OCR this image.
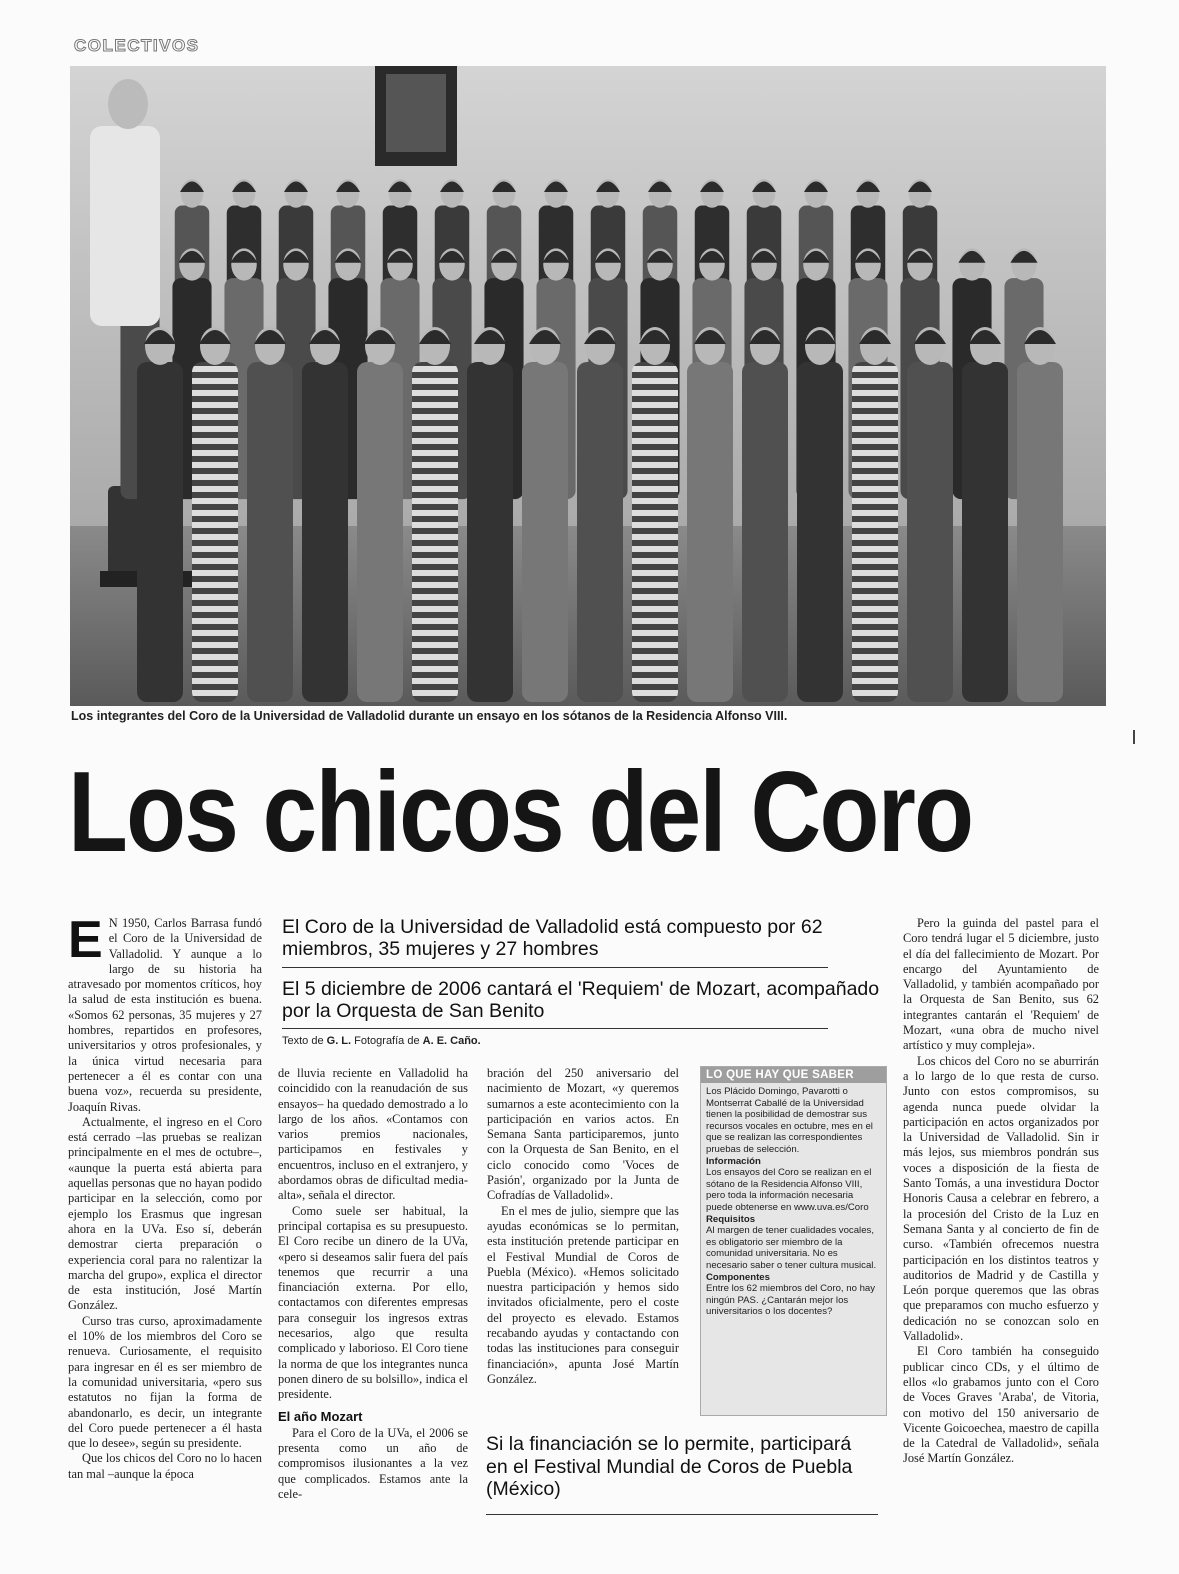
COLECTIVOS
Los integrantes del Coro de la Universidad de Valladolid durante un ensayo en los sótanos de la Residencia Alfonso VIII.
Los chicos del Coro

E N 1950, Carlos Barrasa fundó el Coro de la Universidad de Valladolid. Y aunque a lo largo de su historia ha atravesado por momentos críticos, hoy la salud de esta institución es buena. «Somos 62 personas, 35 mujeres y 27 hombres, repartidos en profesores, universitarios y otros profesionales, y la única virtud necesaria para pertenecer a él es contar con una buena voz», recuerda su presidente, Joaquín Rivas.

Actualmente, el ingreso en el Coro está cerrado –las pruebas se realizan principalmente en el mes de octubre–, «aunque la puerta está abierta para aquellas personas que no hayan podido participar en la selección, como por ejemplo los Erasmus que ingresan ahora en la UVa. Eso sí, deberán demostrar cierta preparación o experiencia coral para no ralentizar la marcha del grupo», explica el director de esta institución, José Martín González.

Curso tras curso, aproximadamente el 10% de los miembros del Coro se renueva. Curiosamente, el requisito para ingresar en él es ser miembro de la comunidad universitaria, «pero sus estatutos no fijan la forma de abandonarlo, es decir, un integrante del Coro puede pertenecer a él hasta que lo desee», según su presidente.

Que los chicos del Coro no lo hacen tan mal –aunque la época

El Coro de la Universidad de Valladolid está compuesto por 62 miembros, 35 mujeres y 27 hombres
El 5 diciembre de 2006 cantará el 'Requiem' de Mozart, acompañado por la Orquesta de San Benito
Texto de G. L. Fotografía de A. E. Caño.

de lluvia reciente en Valladolid ha coincidido con la reanudación de sus ensayos– ha quedado demostrado a lo largo de los años. «Contamos con varios premios nacionales, participamos en festivales y encuentros, incluso en el extranjero, y abordamos obras de dificultad media-alta», señala el director.

Como suele ser habitual, la principal cortapisa es su presupuesto. El Coro recibe un dinero de la UVa, «pero si deseamos salir fuera del país tenemos que recurrir a una financiación externa. Por ello, contactamos con diferentes empresas para conseguir los ingresos extras necesarios, algo que resulta complicado y laborioso. El Coro tiene la norma de que los integrantes nunca ponen dinero de su bolsillo», indica el presidente.

El año Mozart

Para el Coro de la UVa, el 2006 se presenta como un año de compromisos ilusionantes a la vez que complicados. Estamos ante la cele-

bración del 250 aniversario del nacimiento de Mozart, «y queremos sumarnos a este acontecimiento con la participación en varios actos. En Semana Santa participaremos, junto con la Orquesta de San Benito, en el ciclo conocido como 'Voces de Pasión', organizado por la Junta de Cofradías de Valladolid».

En el mes de julio, siempre que las ayudas económicas se lo permitan, esta institución pretende participar en el Festival Mundial de Coros de Puebla (México). «Hemos solicitado nuestra participación y hemos sido invitados oficialmente, pero el coste del proyecto es elevado. Estamos recabando ayudas y contactando con todas las instituciones para conseguir financiación», apunta José Martín González.

LO QUE HAY QUE SABER
Los Plácido Domingo, Pavarotti o Montserrat Caballé de la Universidad tienen la posibilidad de demostrar sus recursos vocales en octubre, mes en el que se realizan las correspondientes pruebas de selección.
Información
Los ensayos del Coro se realizan en el sótano de la Residencia Alfonso VIII, pero toda la información necesaria puede obtenerse en www.uva.es/Coro
Requisitos
Al margen de tener cualidades vocales, es obligatorio ser miembro de la comunidad universitaria. No es necesario saber o tener cultura musical.
Componentes
Entre los 62 miembros del Coro, no hay ningún PAS. ¿Cantarán mejor los universitarios o los docentes?
Si la financiación se lo permite, participará en el Festival Mundial de Coros de Puebla (México)

Pero la guinda del pastel para el Coro tendrá lugar el 5 diciembre, justo el día del fallecimiento de Mozart. Por encargo del Ayuntamiento de Valladolid, y también acompañado por la Orquesta de San Benito, sus 62 integrantes cantarán el 'Requiem' de Mozart, «una obra de mucho nivel artístico y muy compleja».

Los chicos del Coro no se aburrirán a lo largo de lo que resta de curso. Junto con estos compromisos, su agenda nunca puede olvidar la participación en actos organizados por la Universidad de Valladolid. Sin ir más lejos, sus miembros pondrán sus voces a disposición de la fiesta de Santo Tomás, a una investidura Doctor Honoris Causa a celebrar en febrero, a la procesión del Cristo de la Luz en Semana Santa y al concierto de fin de curso. «También ofrecemos nuestra participación en los distintos teatros y auditorios de Madrid y de Castilla y León porque queremos que las obras que preparamos con mucho esfuerzo y dedicación no se conozcan solo en Valladolid».

El Coro también ha conseguido publicar cinco CDs, y el último de ellos «lo grabamos junto con el Coro de Voces Graves 'Araba', de Vitoria, con motivo del 150 aniversario de Vicente Goicoechea, maestro de capilla de la Catedral de Valladolid», señala José Martín González.
